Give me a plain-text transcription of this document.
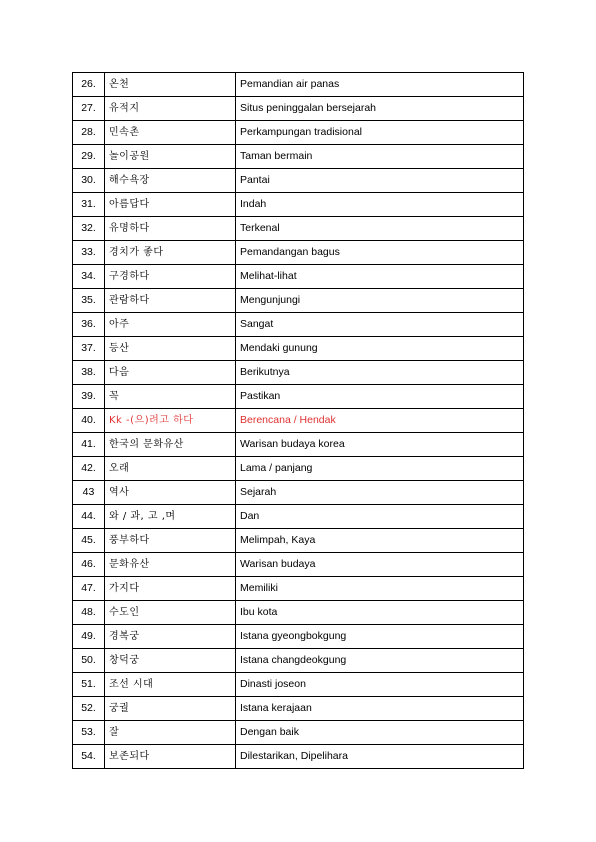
26.	온천	Pemandian air panas
27.	유적지	Situs peninggalan bersejarah
28.	민속촌	Perkampungan tradisional
29.	놀이공원	Taman bermain
30.	해수욕장	Pantai
31.	아름답다	Indah
32.	유명하다	Terkenal
33.	경치가 좋다	Pemandangan bagus
34.	구경하다	Melihat-lihat
35.	관람하다	Mengunjungi
36.	아주	Sangat
37.	등산	Mendaki gunung
38.	다음	Berikutnya
39.	꼭	Pastikan
40.	Kk -(으)려고 하다	Berencana / Hendak
41.	한국의 문화유산	Warisan budaya korea
42.	오래	Lama / panjang
43	역사	Sejarah
44.	와 / 과, 고 ,며	Dan
45.	풍부하다	Melimpah, Kaya
46.	문화유산	Warisan budaya
47.	가지다	Memiliki
48.	수도인	Ibu kota
49.	경복궁	Istana gyeongbokgung
50.	창덕궁	Istana changdeokgung
51.	조선 시대	Dinasti joseon
52.	궁궐	Istana kerajaan
53.	잘	Dengan baik
54.	보존되다	Dilestarikan, Dipelihara
